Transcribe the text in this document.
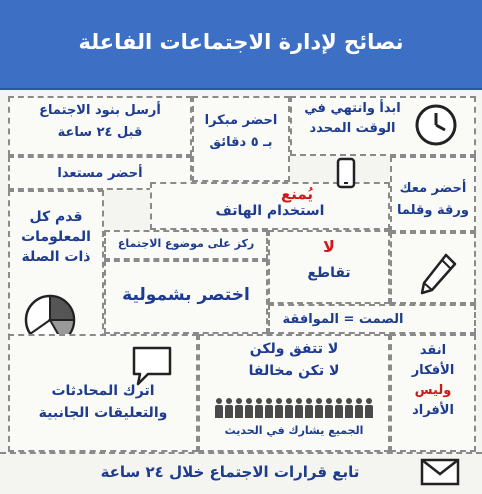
نصائح لإدارة الاجتماعات الفاعلة
ابدأ وانتهي في
الوقت المحدد
احضر مبكرا
بـ ٥ دقائق
أرسل بنود الاجتماع
قبل ٢٤ ساعة
أحضر مستعدا
يُمنع
استخدام الهاتف
أحضر معك
ورقة وقلما
قدم كل
المعلومات
ذات الصلة
ركز على موضوع الاجتماع	لا
تقاطع
اختصر بشمولية
الصمت = الموافقة
اترك المحادثات
والتعليقات الجانبية
لا تتفق ولكن
لا تكن مخالفا
الجميع يشارك في الحديث
انقد
الأفكار
وليس
الأفراد
تابع قرارات الاجتماع خلال ٢٤ ساعة
